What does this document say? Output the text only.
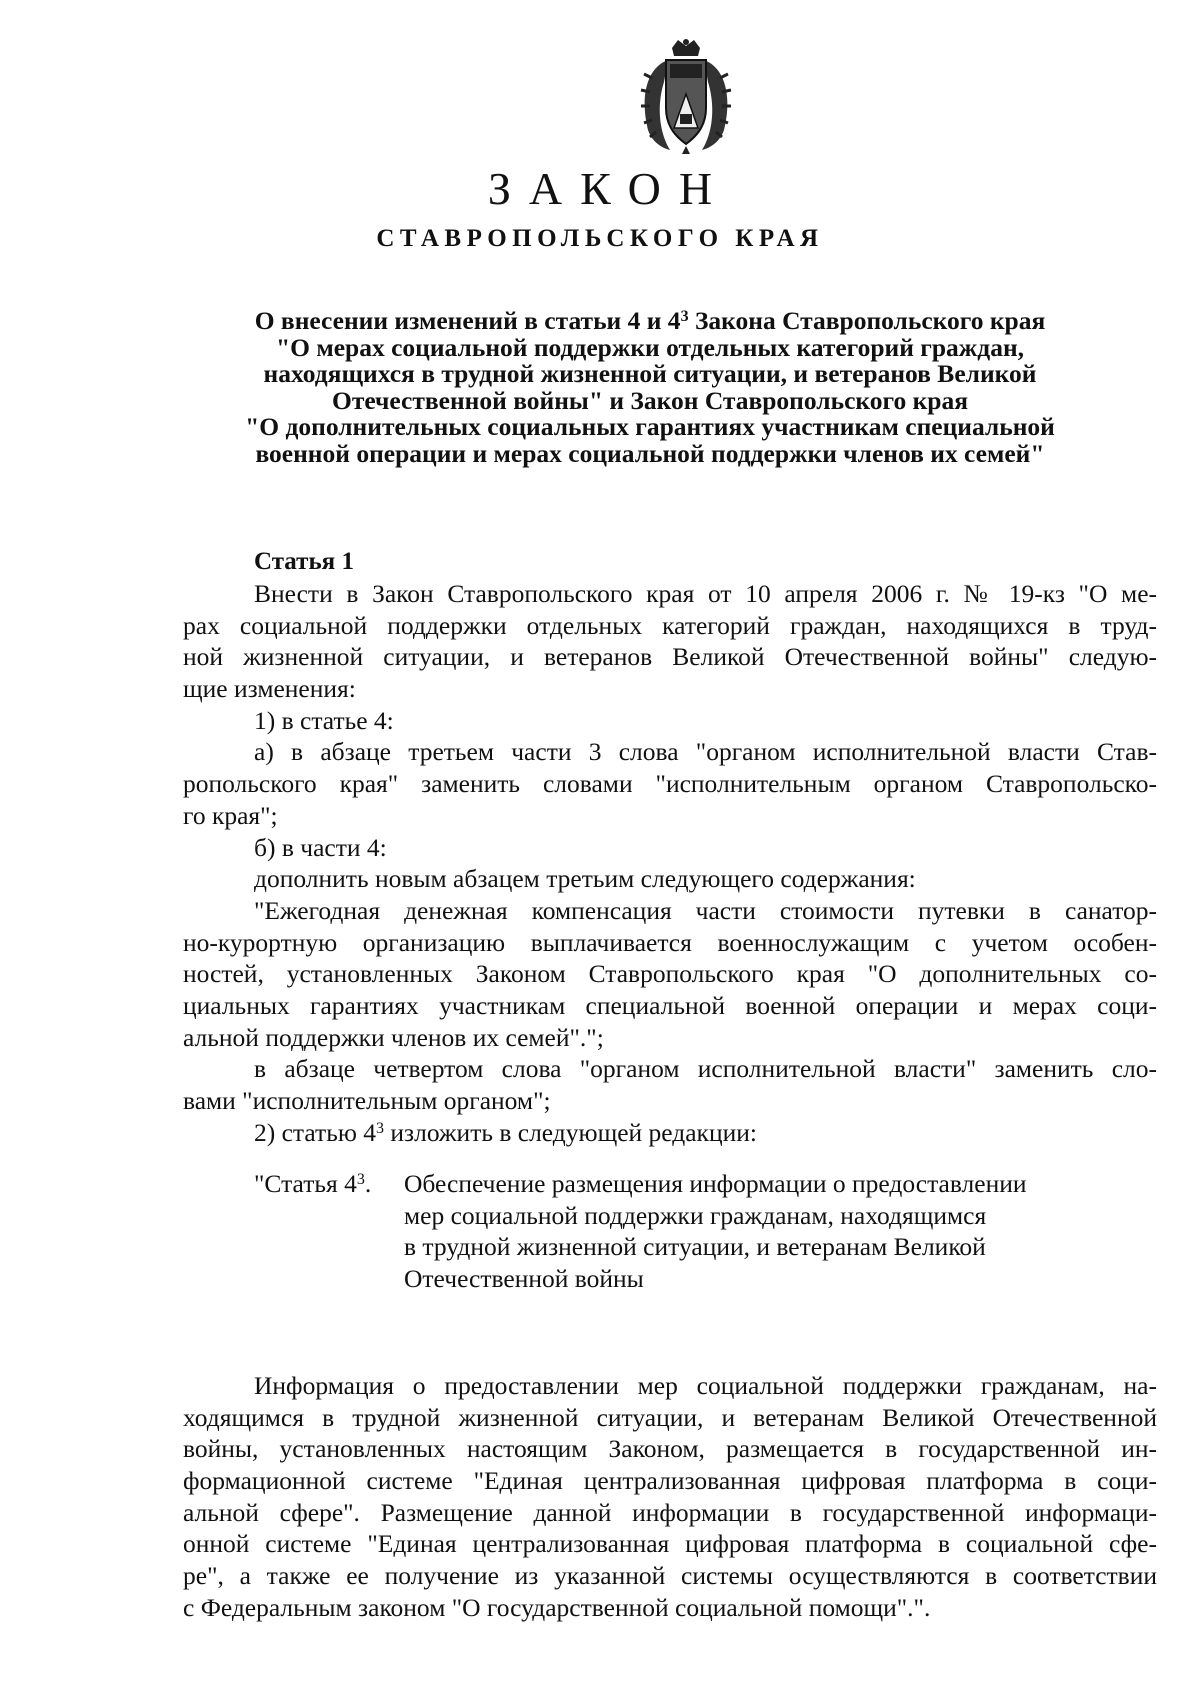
ЗАКОН
СТАВРОПОЛЬСКОГО КРАЯ
О внесении изменений в статьи 4 и $4^3$ Закона Ставропольского края
"О мерах социальной поддержки отдельных категорий граждан,
находящихся в трудной жизненной ситуации, и ветеранов Великой
Отечественной войны" и Закон Ставропольского края
"О дополнительных социальных гарантиях участникам специальной
военной операции и мерах социальной поддержки членов их семей"
Статья 1
Внести в Закон Ставропольского края от 10 апреля 2006 г. № 19-кз "О ме-
рах социальной поддержки отдельных категорий граждан, находящихся в труд-
ной жизненной ситуации, и ветеранов Великой Отечественной войны" следую-
щие изменения:
1) в статье 4:
а) в абзаце третьем части 3 слова "органом исполнительной власти Став-
ропольского края" заменить словами "исполнительным органом Ставропольско-
го края";
б) в части 4:
дополнить новым абзацем третьим следующего содержания:
"Ежегодная денежная компенсация части стоимости путевки в санатор-
но-курортную организацию выплачивается военнослужащим с учетом особен-
ностей, установленных Законом Ставропольского края "О дополнительных со-
циальных гарантиях участникам специальной военной операции и мерах соци-
альной поддержки членов их семей".";
в абзаце четвертом слова "органом исполнительной власти" заменить сло-
вами "исполнительным органом";
2) статью $4^3$ изложить в следующей редакции:
"Статья $4^3$. Обеспечение размещения информации о предоставлении
мер социальной поддержки гражданам, находящимся
в трудной жизненной ситуации, и ветеранам Великой
Отечественной войны
Информация о предоставлении мер социальной поддержки гражданам, на-
ходящимся в трудной жизненной ситуации, и ветеранам Великой Отечественной
войны, установленных настоящим Законом, размещается в государственной ин-
формационной системе "Единая централизованная цифровая платформа в соци-
альной сфере". Размещение данной информации в государственной информаци-
онной системе "Единая централизованная цифровая платформа в социальной сфе-
ре", а также ее получение из указанной системы осуществляются в соответствии
с Федеральным законом "О государственной социальной помощи".".
